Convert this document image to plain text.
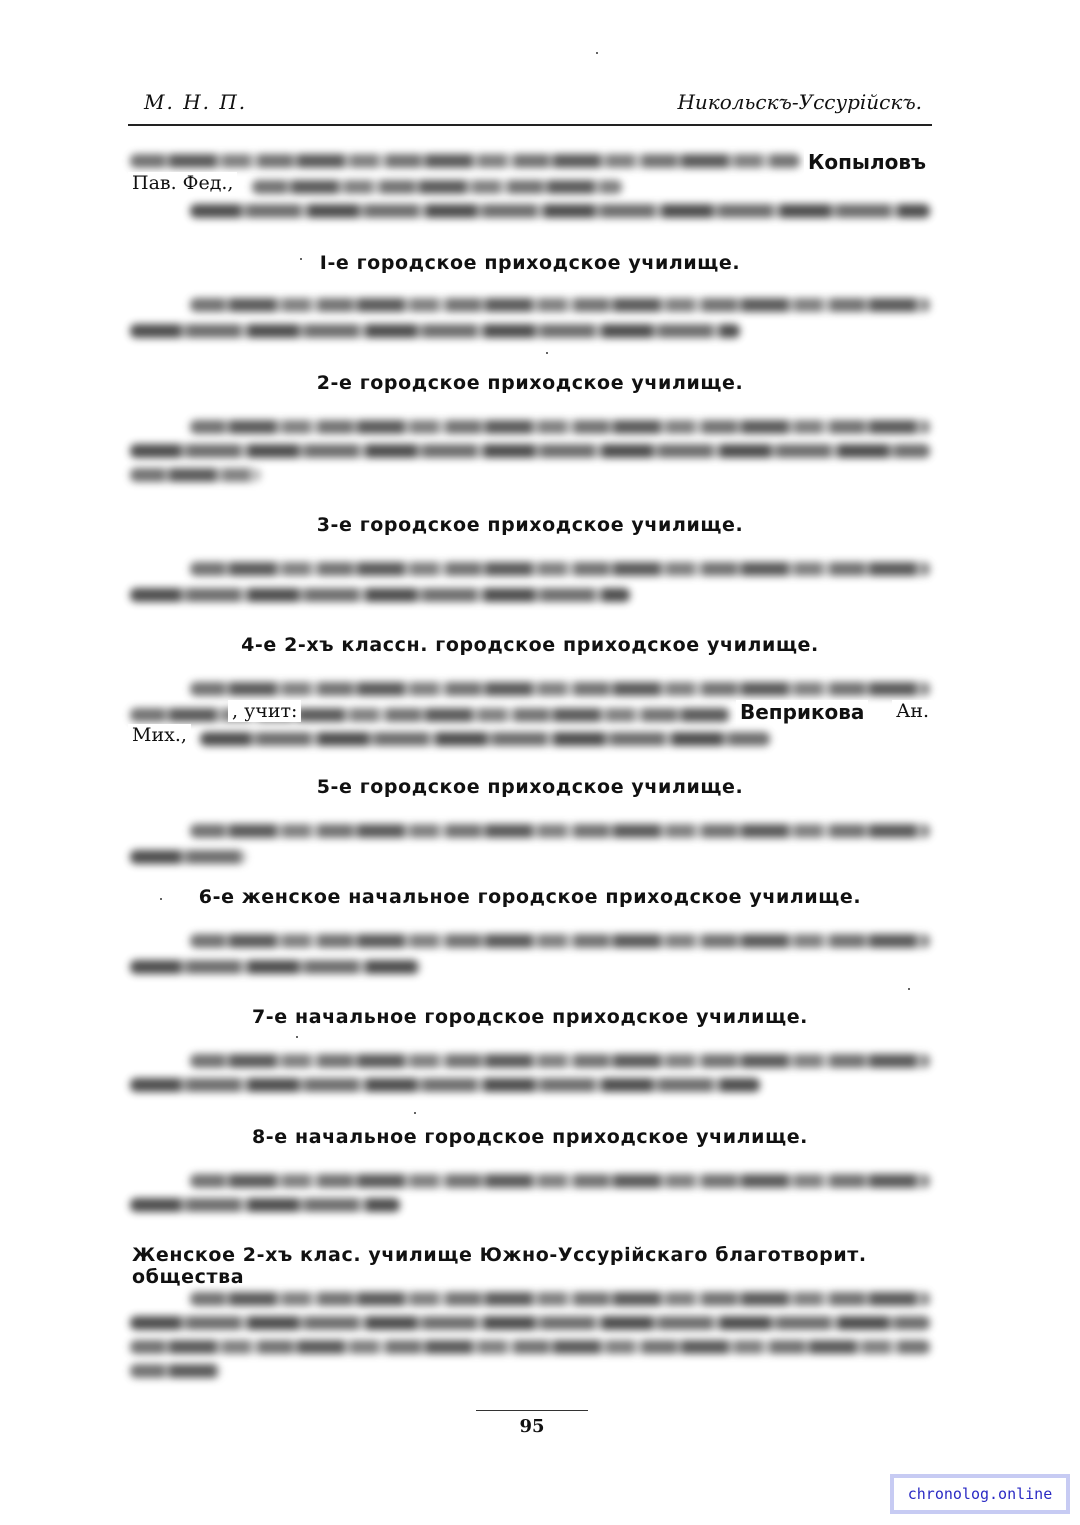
М. Н. П.	Никольскъ-Уссурійскъ.
Копыловъ
Пав. Фед.,
I-е городское приходское училище.
2-е городское приходское училище.
3-е городское приходское училище.
4-е 2-хъ классн. городское приходское училище.
, учит:	Веприкова Ан.
Мих.,
5-е городское приходское училище.
6-е женское начальное городское приходское училище.
7-е начальное городское приходское училище.
8-е начальное городское приходское училище.
Женское 2-хъ клас. училище Южно-Уссурійскаго благотворит. общества
95
chronolog.online
